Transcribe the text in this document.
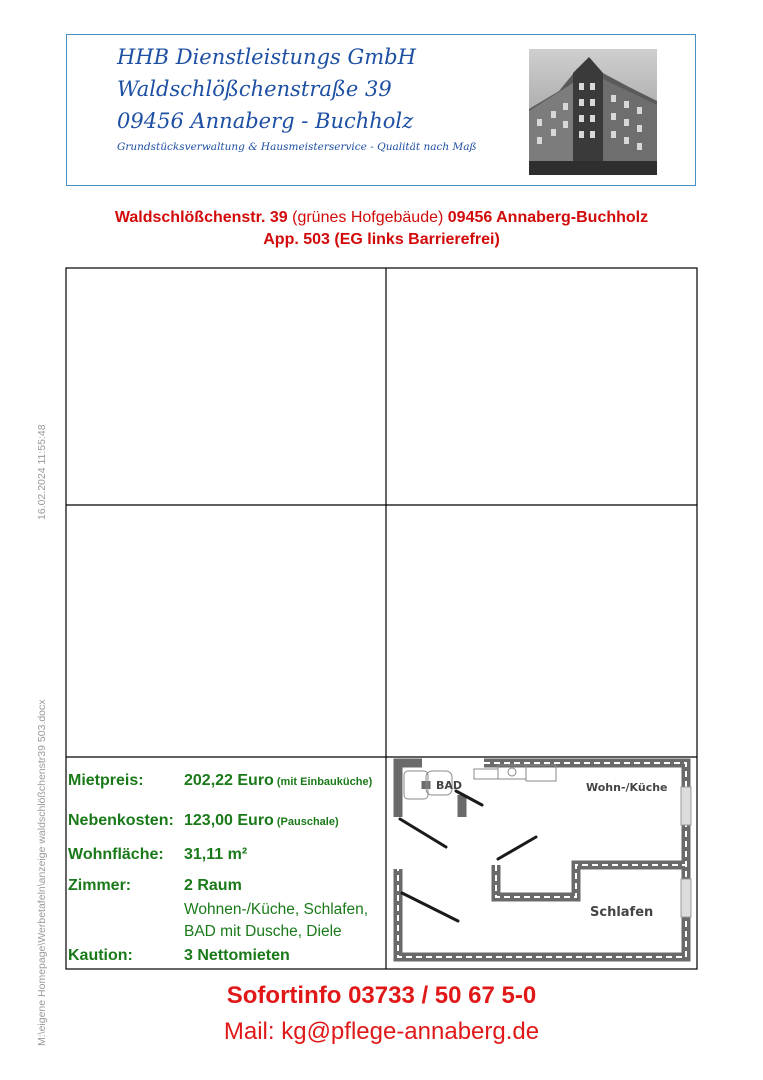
HHB Dienstleistungs GmbH
Waldschlößchenstraße 39
09456 Annaberg - Buchholz
Grundstücksverwaltung & Hausmeisterservice - Qualität nach Maß
Waldschlößchenstr. 39 (grünes Hofgebäude) 09456 Annaberg-Buchholz
App. 503 (EG links Barrierefrei)
Mietpreis:	202,22 Euro (mit Einbauküche)
Nebenkosten: 123,00 Euro (Pauschale)
Wohnfläche: 31,11 m²
Zimmer:	2 Raum
Wohnen-/Küche, Schlafen,
BAD mit Dusche, Diele
Kaution:	3 Nettomieten
BAD	Wohn-/Küche
Schlafen
Sofortinfo 03733 / 50 67 5-0
Mail: kg@pflege-annaberg.de
16.02.2024 11:55:48
M:\eigene Homepage\Werbetafeln\anzeige waldschlößchenstr39 503.docx
